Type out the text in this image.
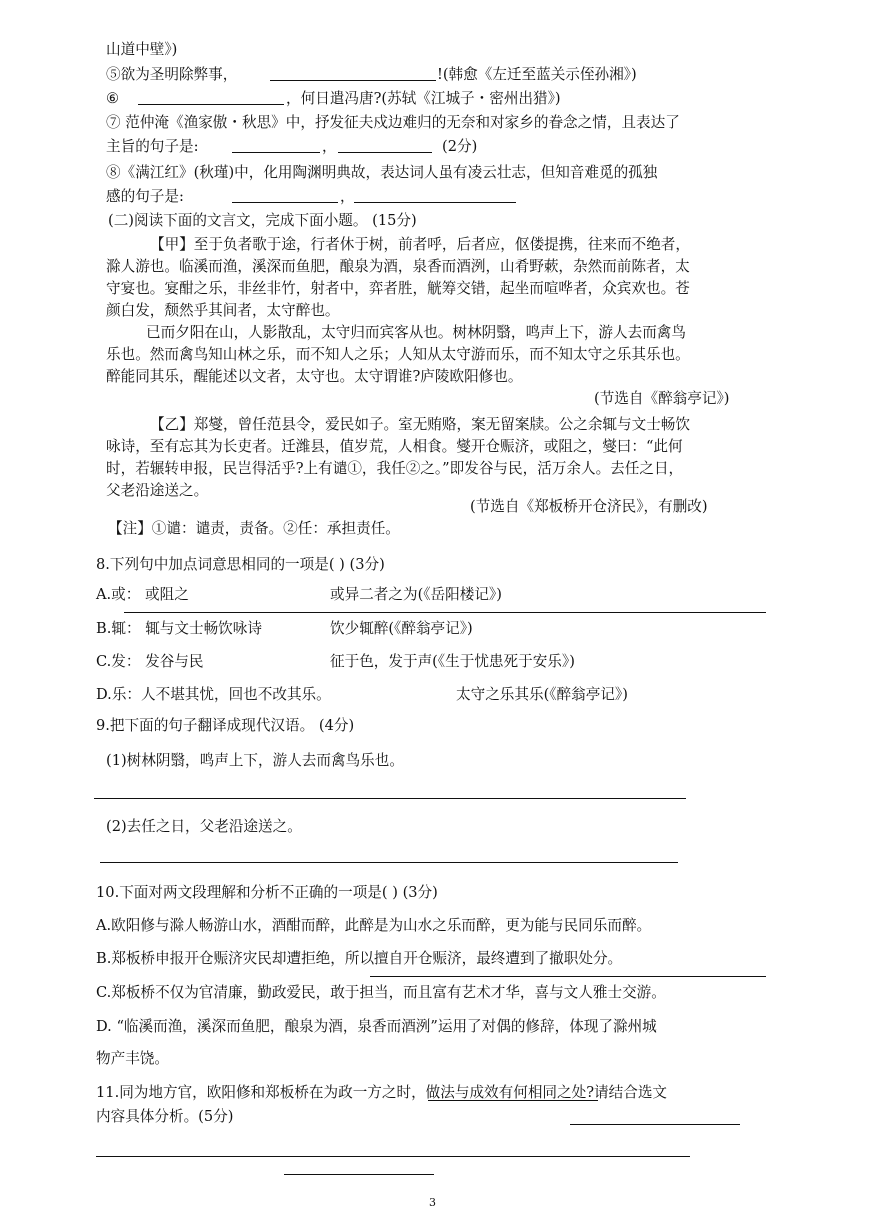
山道中壁》)
⑤欲为圣明除弊事，	!(韩愈《左迁至蓝关示侄孙湘》)
⑥	，何日遣冯唐?(苏轼《江城子・密州出猎》)
⑦ 范仲淹《渔家傲・秋思》中，抒发征夫戍边难归的无奈和对家乡的眷念之情，且表达了
主旨的句子是:	，	(2分)
⑧《满江红》(秋瑾)中，化用陶渊明典故，表达词人虽有凌云壮志，但知音难觅的孤独
感的句子是:	，
(二)阅读下面的文言文，完成下面小题。 (15分)
【甲】至于负者歌于途，行者休于树，前者呼，后者应，伛偻提携，往来而不绝者，
滁人游也。临溪而渔，溪深而鱼肥，酿泉为酒，泉香而酒洌，山肴野蔌，杂然而前陈者，太
守宴也。宴酣之乐，非丝非竹，射者中，弈者胜，觥筹交错，起坐而喧哗者，众宾欢也。苍
颜白发，颓然乎其间者，太守醉也。
已而夕阳在山，人影散乱，太守归而宾客从也。树林阴翳，鸣声上下，游人去而禽鸟
乐也。然而禽鸟知山林之乐，而不知人之乐；人知从太守游而乐，而不知太守之乐其乐也。
醉能同其乐，醒能述以文者，太守也。太守谓谁?庐陵欧阳修也。
(节选自《醉翁亭记》)
【乙】郑燮，曾任范县令，爱民如子。室无贿赂，案无留案牍。公之余辄与文士畅饮
咏诗，至有忘其为长吏者。迁潍县，值岁荒，人相食。燮开仓赈济，或阻之，燮曰：“此何
时，若辗转申报，民岂得活乎?上有谴①，我任②之。”即发谷与民，活万余人。去任之日，
父老沿途送之。
(节选自《郑板桥开仓济民》，有删改)
【注】①谴：谴责，责备。②任：承担责任。
8.下列句中加点词意思相同的一项是( ) (3分)
A.或： 或阻之	或异二者之为(《岳阳楼记》)
B.辄： 辄与文士畅饮咏诗	饮少辄醉(《醉翁亭记》)
C.发： 发谷与民	征于色，发于声(《生于忧患死于安乐》)
D.乐：人不堪其忧，回也不改其乐。	太守之乐其乐(《醉翁亭记》)
9.把下面的句子翻译成现代汉语。 (4分)
(1)树林阴翳，鸣声上下，游人去而禽鸟乐也。
(2)去任之日，父老沿途送之。
10.下面对两文段理解和分析不正确的一项是( ) (3分)
A.欧阳修与滁人畅游山水，酒酣而醉，此醉是为山水之乐而醉，更为能与民同乐而醉。
B.郑板桥申报开仓赈济灾民却遭拒绝，所以擅自开仓赈济，最终遭到了撤职处分。
C.郑板桥不仅为官清廉，勤政爱民，敢于担当，而且富有艺术才华，喜与文人雅士交游。
D. “临溪而渔，溪深而鱼肥，酿泉为酒，泉香而酒洌”运用了对偶的修辞，体现了滁州城
物产丰饶。
11.同为地方官，欧阳修和郑板桥在为政一方之时，做法与成效有何相同之处?请结合选文
内容具体分析。(5分)
3
